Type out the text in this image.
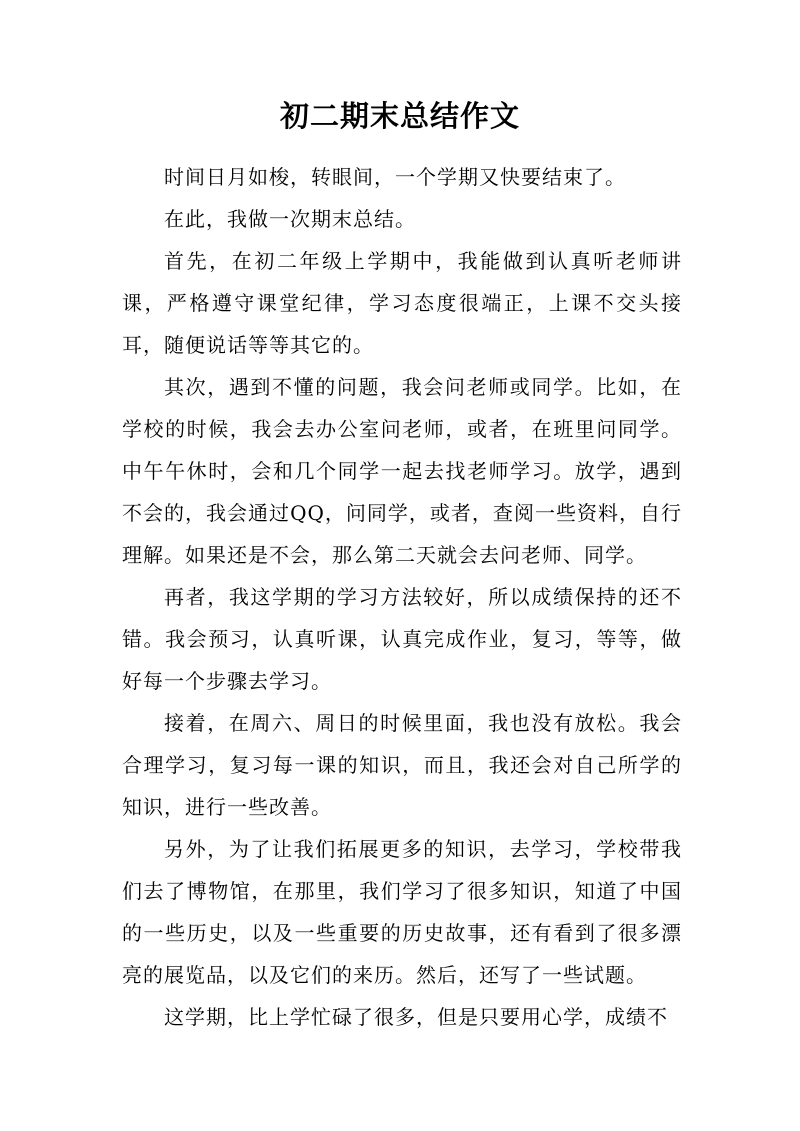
初二期末总结作文

时间日月如梭，转眼间，一个学期又快要结束了。

在此，我做一次期末总结。

首先，在初二年级上学期中，我能做到认真听老师讲课，严格遵守课堂纪律，学习态度很端正，上课不交头接耳，随便说话等等其它的。

其次，遇到不懂的问题，我会问老师或同学。比如，在学校的时候，我会去办公室问老师，或者，在班里问同学。中午午休时，会和几个同学一起去找老师学习。放学，遇到不会的，我会通过QQ，问同学，或者，查阅一些资料，自行理解。如果还是不会，那么第二天就会去问老师、同学。

再者，我这学期的学习方法较好，所以成绩保持的还不错。我会预习，认真听课，认真完成作业，复习，等等，做好每一个步骤去学习。

接着，在周六、周日的时候里面，我也没有放松。我会合理学习，复习每一课的知识，而且，我还会对自己所学的知识，进行一些改善。

另外，为了让我们拓展更多的知识，去学习，学校带我们去了博物馆，在那里，我们学习了很多知识，知道了中国的一些历史，以及一些重要的历史故事，还有看到了很多漂亮的展览品，以及它们的来历。然后，还写了一些试题。

这学期，比上学忙碌了很多，但是只要用心学，成绩不
